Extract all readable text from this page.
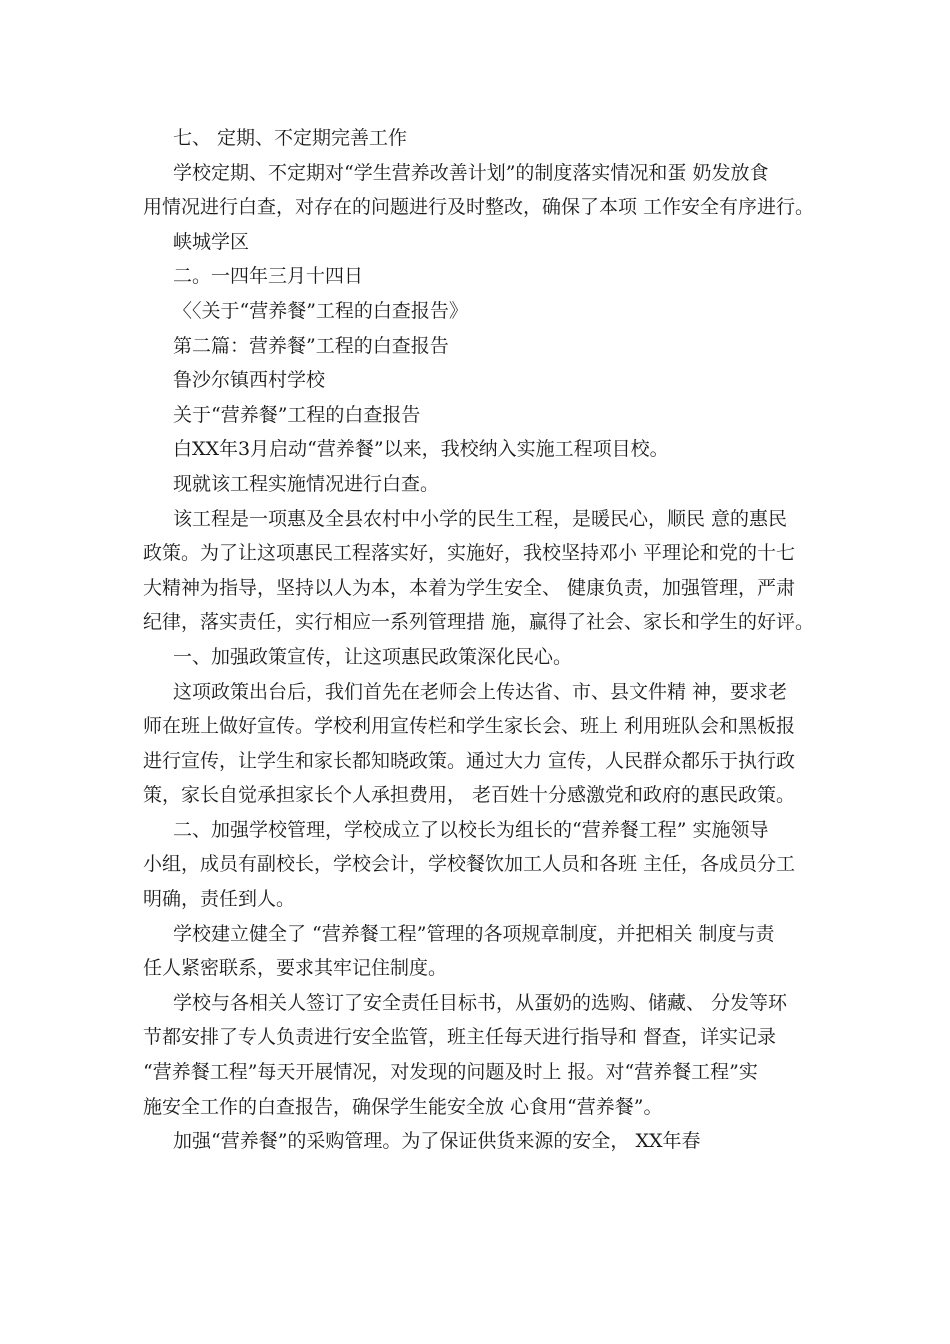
七、 定期、不定期完善工作
学校定期、不定期对“学生营养改善计划”的制度落实情况和蛋 奶发放食
用情况进行白查，对存在的问题进行及时整改，确保了本项 工作安全有序进行。
峡城学区
二。一四年三月十四日
〈〈关于“营养餐”工程的白查报告》
第二篇：营养餐”工程的白查报告
鲁沙尔镇西村学校
关于“营养餐”工程的白查报告
白XX年3月启动“营养餐”以来，我校纳入实施工程项目校。
现就该工程实施情况进行白查。
该工程是一项惠及全县农村中小学的民生工程，是暖民心，顺民 意的惠民
政策。为了让这项惠民工程落实好，实施好，我校坚持邓小 平理论和党的十七
大精神为指导，坚持以人为本，本着为学生安全、 健康负责，加强管理，严肃
纪律，落实责任，实行相应一系列管理措 施，赢得了社会、家长和学生的好评。
一、加强政策宣传，让这项惠民政策深化民心。
这项政策出台后，我们首先在老师会上传达省、市、县文件精 神，要求老
师在班上做好宣传。学校利用宣传栏和学生家长会、班上 利用班队会和黑板报
进行宣传，让学生和家长都知晓政策。通过大力 宣传，人民群众都乐于执行政
策，家长自觉承担家长个人承担费用， 老百姓十分感激党和政府的惠民政策。
二、加强学校管理，学校成立了以校长为组长的“营养餐工程” 实施领导
小组，成员有副校长，学校会计，学校餐饮加工人员和各班 主任，各成员分工
明确，责任到人。
学校建立健全了 “营养餐工程”管理的各项规章制度，并把相关 制度与责
任人紧密联系，要求其牢记住制度。
学校与各相关人签订了安全责任目标书，从蛋奶的选购、储藏、 分发等环
节都安排了专人负责进行安全监管，班主任每天进行指导和 督查，详实记录
“营养餐工程”每天开展情况，对发现的问题及时上 报。对“营养餐工程”实
施安全工作的白查报告，确保学生能安全放 心食用“营养餐”。
加强“营养餐”的采购管理。为了保证供货来源的安全， XX年春
